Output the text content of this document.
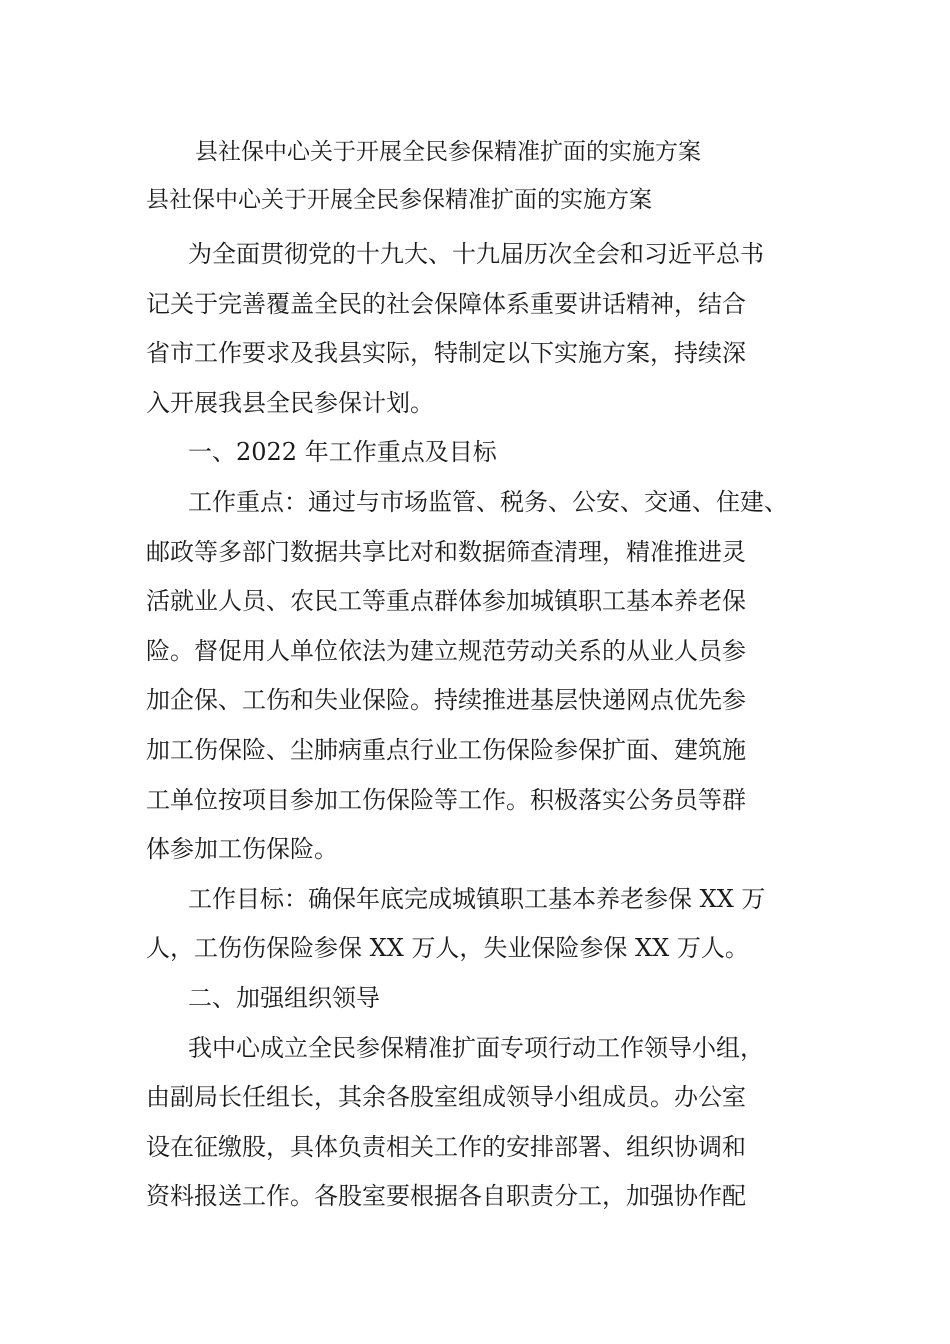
县社保中心关于开展全民参保精准扩面的实施方案
县社保中心关于开展全民参保精准扩面的实施方案

为全面贯彻党的十九大、十九届历次全会和习近平总书
记关于完善覆盖全民的社会保障体系重要讲话精神，结合
省市工作要求及我县实际，特制定以下实施方案，持续深
入开展我县全民参保计划。

一、2022 年工作重点及目标

工作重点：通过与市场监管、税务、公安、交通、住建、
邮政等多部门数据共享比对和数据筛查清理，精准推进灵
活就业人员、农民工等重点群体参加城镇职工基本养老保
险。督促用人单位依法为建立规范劳动关系的从业人员参
加企保、工伤和失业保险。持续推进基层快递网点优先参
加工伤保险、尘肺病重点行业工伤保险参保扩面、建筑施
工单位按项目参加工伤保险等工作。积极落实公务员等群
体参加工伤保险。

工作目标：确保年底完成城镇职工基本养老参保 XX 万
人，工伤伤保险参保 XX 万人，失业保险参保 XX 万人。

二、加强组织领导

我中心成立全民参保精准扩面专项行动工作领导小组，
由副局长任组长，其余各股室组成领导小组成员。办公室
设在征缴股，具体负责相关工作的安排部署、组织协调和
资料报送工作。各股室要根据各自职责分工，加强协作配
